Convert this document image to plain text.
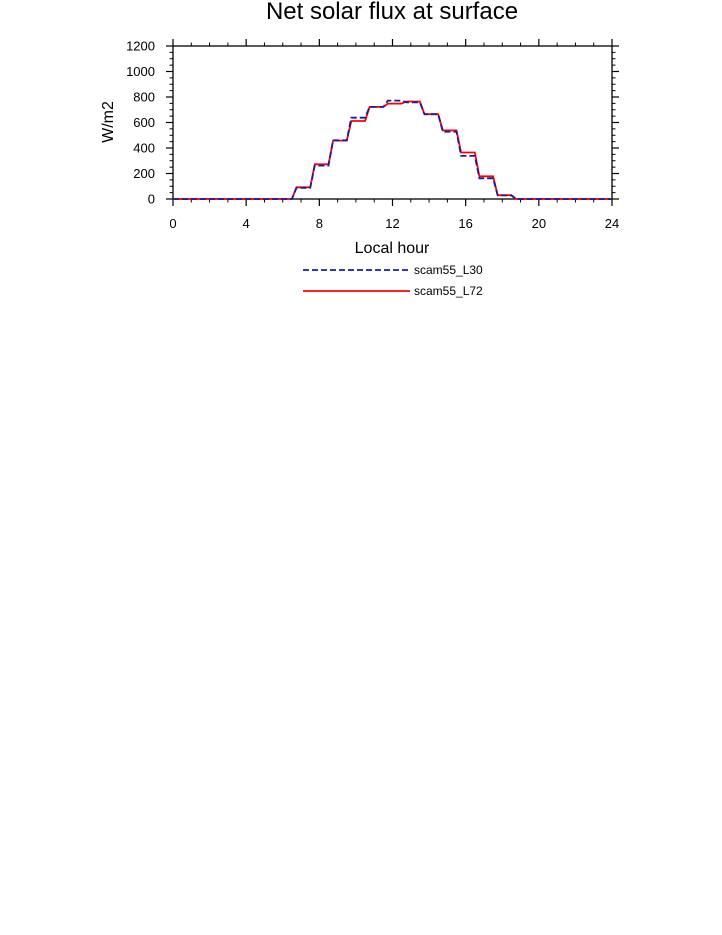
Net solar flux at surface
0	4	8	12	16	20	24
0
200
400
600
800
1000
1200
Local hour
W/m2
scam55_L30
scam55_L72
